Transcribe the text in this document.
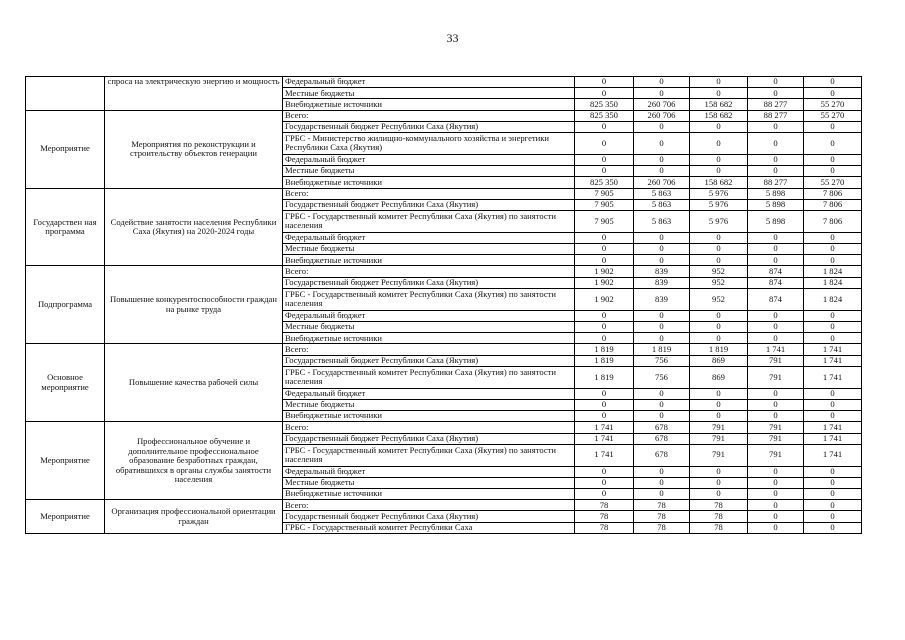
33
	спроса на электрическую энергию и мощность	Федеральный бюджет	0	0	0	0	0
		Местные бюджеты	0	0	0	0	0
		Внебюджетные источники	825 350	260 706	158 682	88 277	55 270
Мероприятие	Мероприятия по реконструкции и строительству объектов генерации	Всего:	825 350	260 706	158 682	88 277	55 270
		Государственный бюджет Республики Саха (Якутия)	0	0	0	0	0
		ГРБС - Министерство жилищно-коммунального хозяйства и энергетики Республики Саха (Якутия)	0	0	0	0	0
		Федеральный бюджет	0	0	0	0	0
		Местные бюджеты	0	0	0	0	0
		Внебюджетные источники	825 350	260 706	158 682	88 277	55 270
Государствен ная программа	Содействие занятости населения Республики Саха (Якутия) на 2020-2024 годы	Всего:	7 905	5 863	5 976	5 898	7 806
		Государственный бюджет Республики Саха (Якутия)	7 905	5 863	5 976	5 898	7 806
		ГРБС - Государственный комитет Республики Саха (Якутия) по занятости населения	7 905	5 863	5 976	5 898	7 806
		Федеральный бюджет	0	0	0	0	0
		Местные бюджеты	0	0	0	0	0
		Внебюджетные источники	0	0	0	0	0
Подпрограмма	Повышение конкурентоспособности граждан на рынке труда	Всего:	1 902	839	952	874	1 824
		Государственный бюджет Республики Саха (Якутия)	1 902	839	952	874	1 824
		ГРБС - Государственный комитет Республики Саха (Якутия) по занятости населения	1 902	839	952	874	1 824
		Федеральный бюджет	0	0	0	0	0
		Местные бюджеты	0	0	0	0	0
		Внебюджетные источники	0	0	0	0	0
Основное мероприятие	Повышение качества рабочей силы	Всего:	1 819	1 819	1 819	1 741	1 741
		Государственный бюджет Республики Саха (Якутия)	1 819	756	869	791	1 741
		ГРБС - Государственный комитет Республики Саха (Якутия) по занятости населения	1 819	756	869	791	1 741
		Федеральный бюджет	0	0	0	0	0
		Местные бюджеты	0	0	0	0	0
		Внебюджетные источники	0	0	0	0	0
Мероприятие	Профессиональное обучение и дополнительное профессиональное образование безработных граждан, обратившихся в органы службы занятости населения	Всего:	1 741	678	791	791	1 741
		Государственный бюджет Республики Саха (Якутия)	1 741	678	791	791	1 741
		ГРБС - Государственный комитет Республики Саха (Якутия) по занятости населения	1 741	678	791	791	1 741
		Федеральный бюджет	0	0	0	0	0
		Местные бюджеты	0	0	0	0	0
		Внебюджетные источники	0	0	0	0	0
Мероприятие	Организация профессиональной ориентации граждан	Всего:	78	78	78	0	0
		Государственный бюджет Республики Саха (Якутия)	78	78	78	0	0
		ГРБС - Государственный комитет Республики Саха	78	78	78	0	0
